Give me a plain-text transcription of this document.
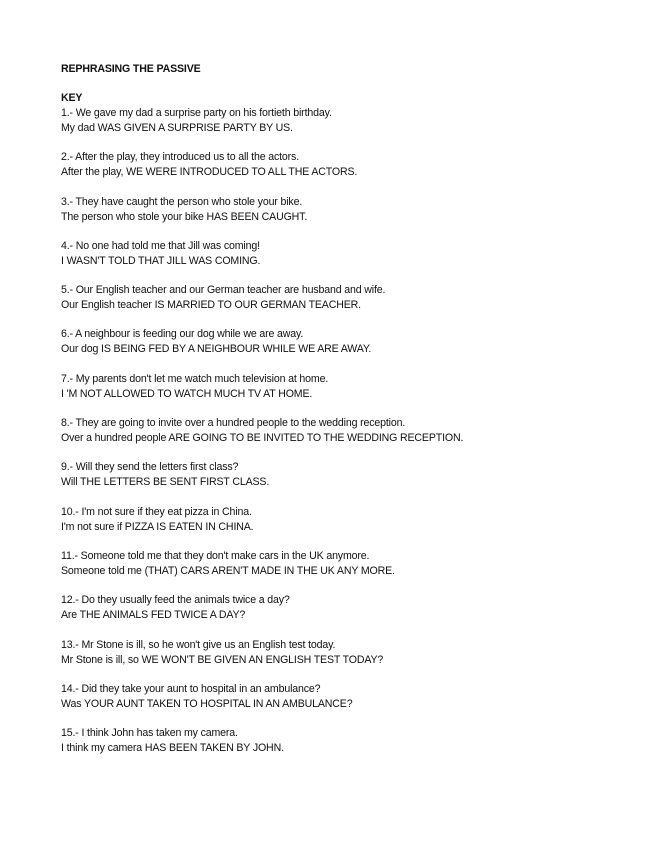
REPHRASING THE PASSIVE
KEY
1.- We gave my dad a surprise party on his fortieth birthday.
My dad WAS GIVEN A SURPRISE PARTY BY US.
2.- After the play, they introduced us to all the actors.
After the play, WE WERE INTRODUCED TO ALL THE ACTORS.
3.- They have caught the person who stole your bike.
The person who stole your bike HAS BEEN CAUGHT.
4.- No one had told me that Jill was coming!
I WASN'T TOLD THAT JILL WAS COMING.
5.- Our English teacher and our German teacher are husband and wife.
Our English teacher IS MARRIED TO OUR GERMAN TEACHER.
6.- A neighbour is feeding our dog while we are away.
Our dog IS BEING FED BY A NEIGHBOUR WHILE WE ARE AWAY.
7.- My parents don't let me watch much television at home.
I 'M NOT ALLOWED TO WATCH MUCH TV AT HOME.
8.- They are going to invite over a hundred people to the wedding reception.
Over a hundred people ARE GOING TO BE INVITED TO THE WEDDING RECEPTION.
9.- Will they send the letters first class?
Will THE LETTERS BE SENT FIRST CLASS.
10.- I'm not sure if they eat pizza in China.
I'm not sure if PIZZA IS EATEN IN CHINA.
11.- Someone told me that they don't make cars in the UK anymore.
Someone told me (THAT) CARS AREN'T MADE IN THE UK ANY MORE.
12.- Do they usually feed the animals twice a day?
Are THE ANIMALS FED TWICE A DAY?
13.- Mr Stone is ill, so he won't give us an English test today.
Mr Stone is ill, so WE WON'T BE GIVEN AN ENGLISH TEST TODAY?
14.- Did they take your aunt to hospital in an ambulance?
Was YOUR AUNT TAKEN TO HOSPITAL IN AN AMBULANCE?
15.- I think John has taken my camera.
I think my camera HAS BEEN TAKEN BY JOHN.
